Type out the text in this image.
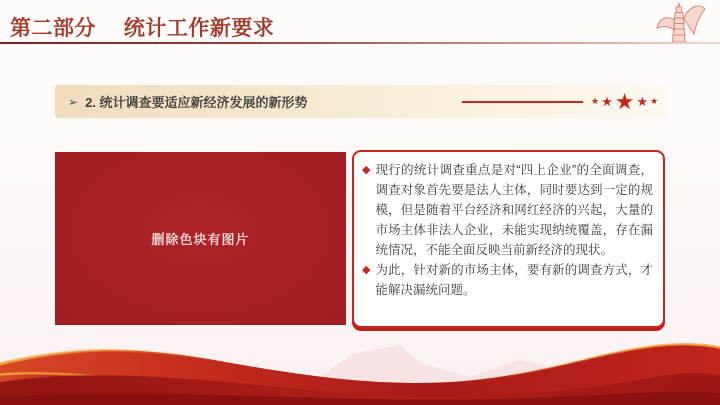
第二部分　 统计工作新要求
➢ 2. 统计调查要适应新经济发展的新形势	★ ★ ★ ★ ★
删除色块有图片
◆ 现行的统计调查重点是对“四上企业”的全面调查，调查对象首先要是法人主体，同时要达到一定的规模，但是随着平台经济和网红经济的兴起，大量的市场主体非法人企业，未能实现纳统覆盖，存在漏统情况，不能全面反映当前新经济的现状。
◆ 为此，针对新的市场主体，要有新的调查方式，才能解决漏统问题。
